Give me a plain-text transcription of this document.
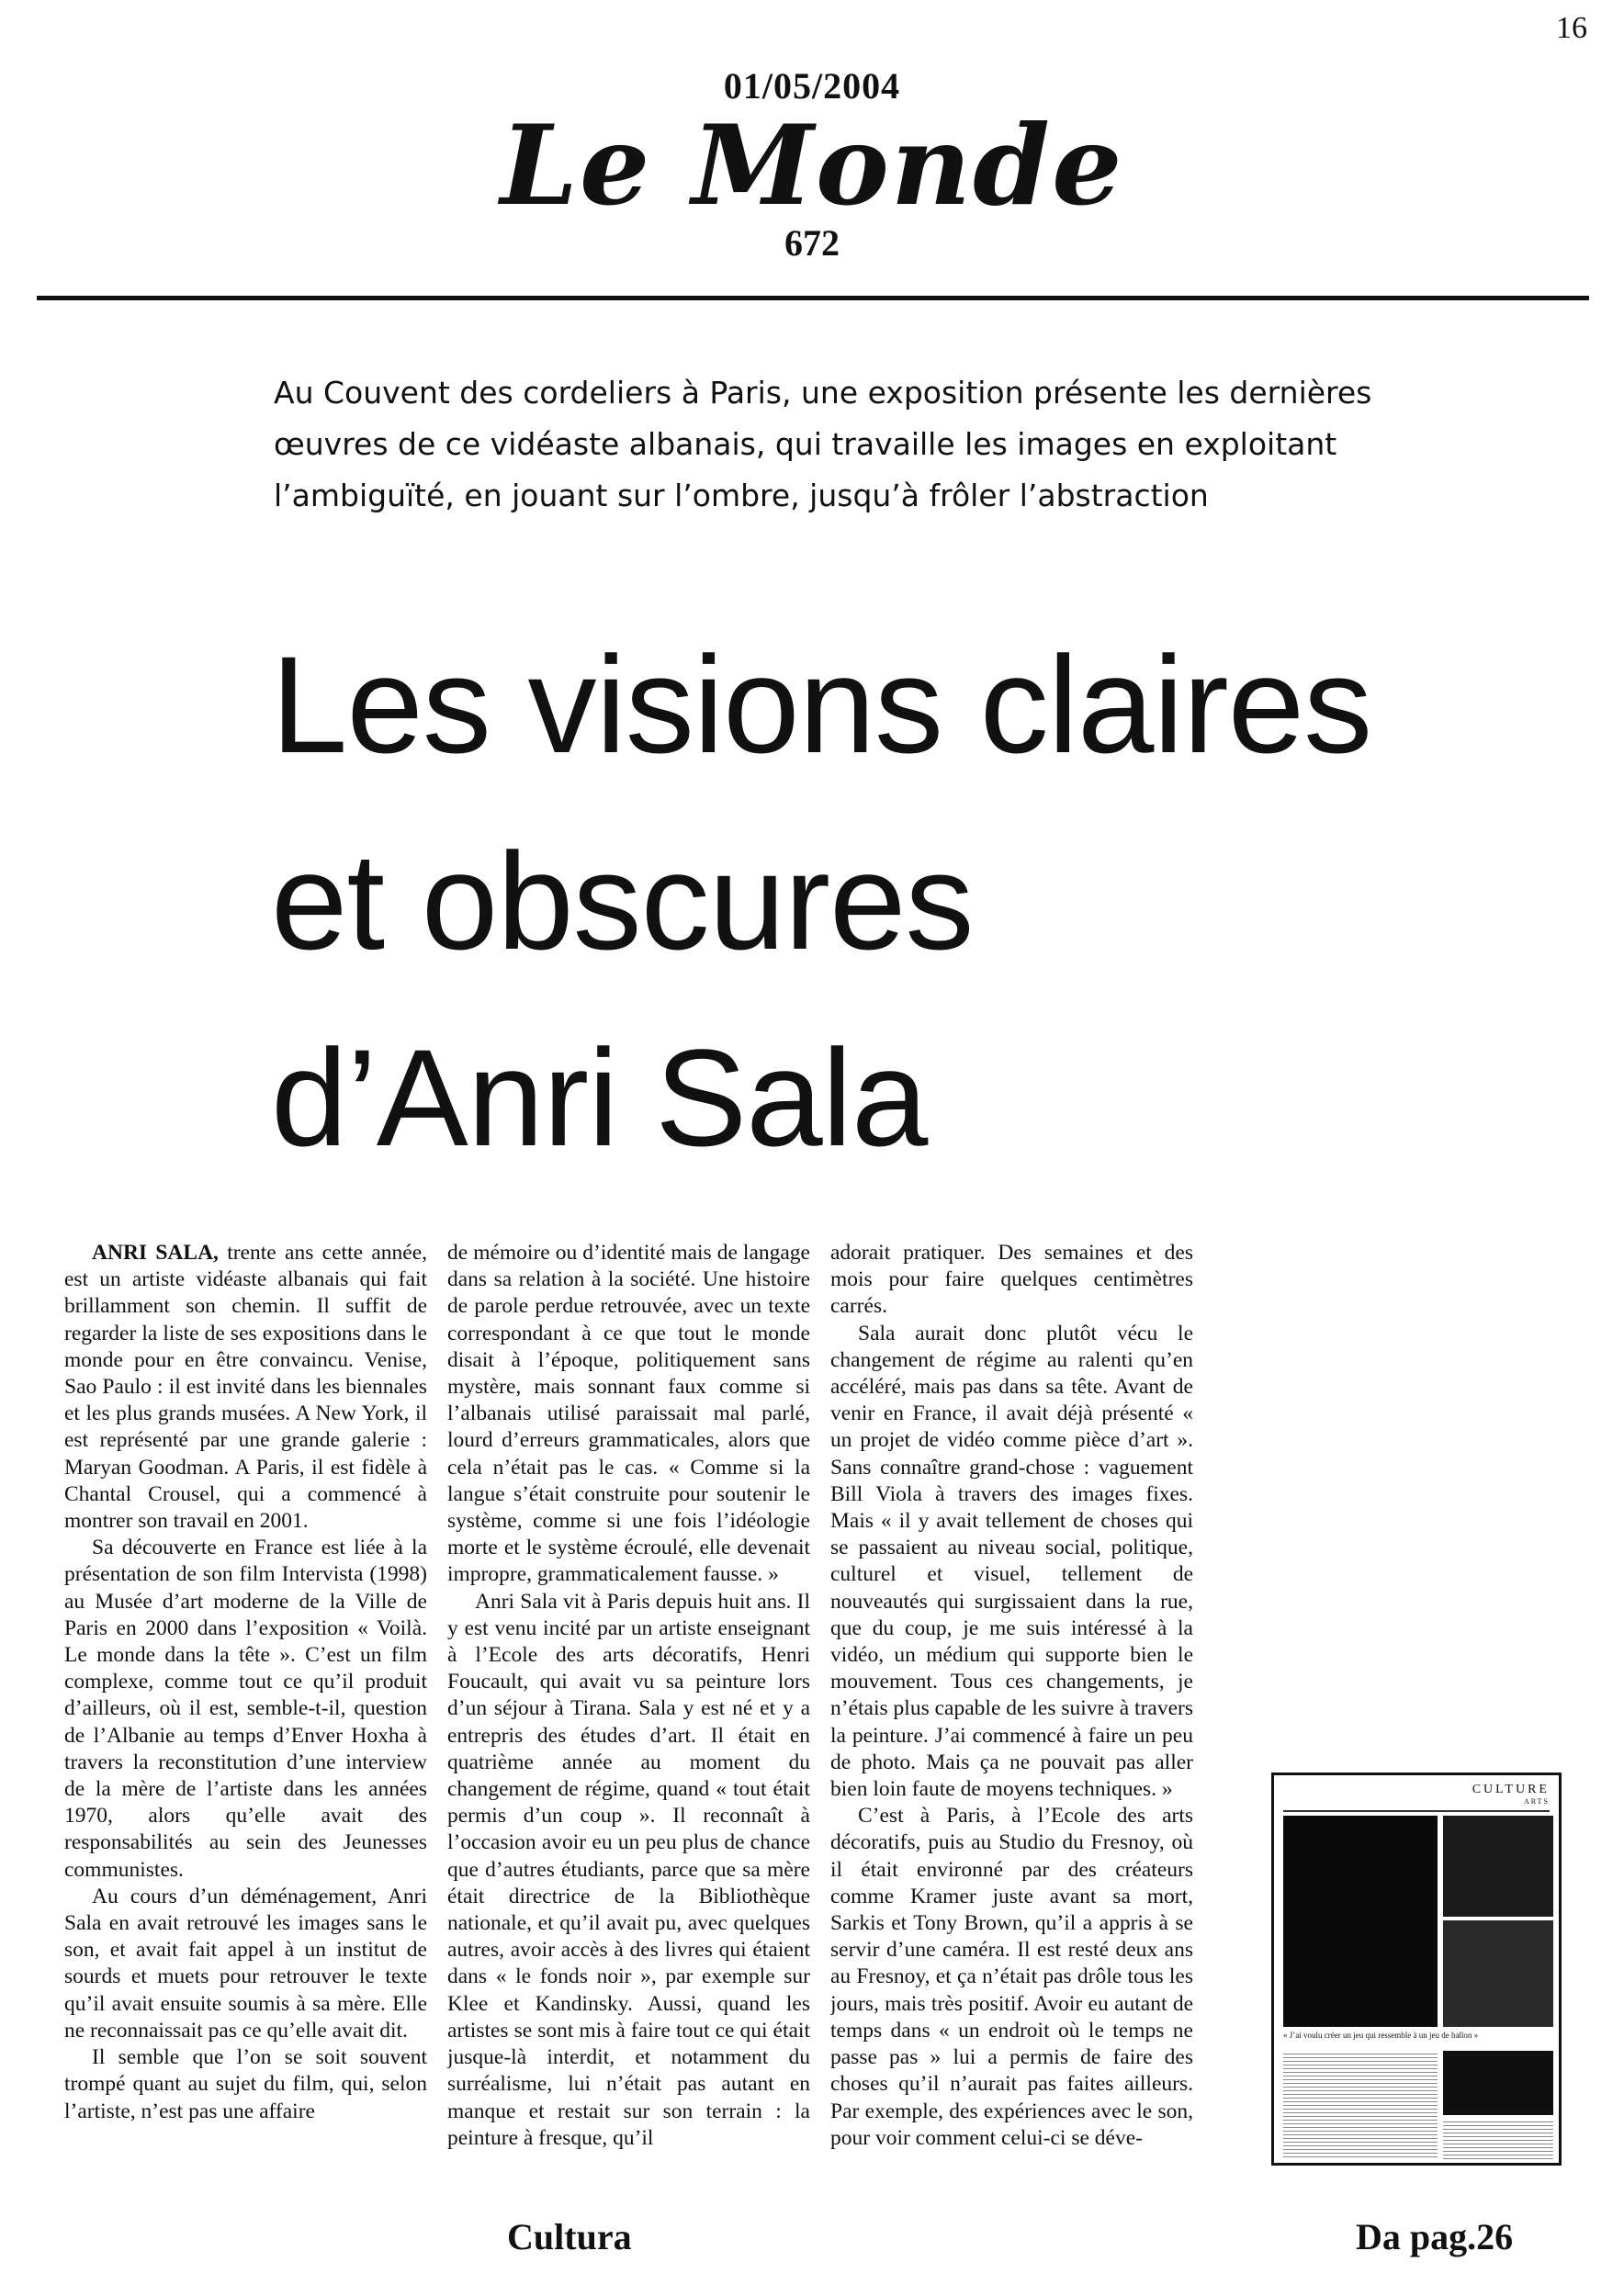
16
01/05/2004
Le Monde
672
Au Couvent des cordeliers à Paris, une exposition présente les dernières
œuvres de ce vidéaste albanais, qui travaille les images en exploitant
l’ambiguïté, en jouant sur l’ombre, jusqu’à frôler l’abstraction
Les visions claires
et obscures
d’Anri Sala

ANRI SALA, trente ans cette année, est un artiste vidéaste albanais qui fait brillamment son chemin. Il suffit de regarder la liste de ses expositions dans le monde pour en être convaincu. Venise, Sao Paulo : il est invité dans les biennales et les plus grands musées. A New York, il est représenté par une grande galerie : Maryan Goodman. A Paris, il est fidèle à Chantal Crousel, qui a commencé à montrer son travail en 2001.

Sa découverte en France est liée à la présentation de son film Intervista (1998) au Musée d’art moderne de la Ville de Paris en 2000 dans l’exposition « Voilà. Le monde dans la tête ». C’est un film complexe, comme tout ce qu’il produit d’ailleurs, où il est, semble-t-il, question de l’Albanie au temps d’Enver Hoxha à travers la reconstitution d’une interview de la mère de l’artiste dans les années 1970, alors qu’elle avait des responsabilités au sein des Jeunesses communistes.

Au cours d’un déménagement, Anri Sala en avait retrouvé les images sans le son, et avait fait appel à un institut de sourds et muets pour retrouver le texte qu’il avait ensuite soumis à sa mère. Elle ne reconnaissait pas ce qu’elle avait dit.

Il semble que l’on se soit souvent trompé quant au sujet du film, qui, selon l’artiste, n’est pas une affaire

de mémoire ou d’identité mais de langage dans sa relation à la société. Une histoire de parole perdue retrouvée, avec un texte correspondant à ce que tout le monde disait à l’époque, politiquement sans mystère, mais sonnant faux comme si l’albanais utilisé paraissait mal parlé, lourd d’erreurs grammaticales, alors que cela n’était pas le cas. « Comme si la langue s’était construite pour soutenir le système, comme si une fois l’idéologie morte et le système écroulé, elle devenait impropre, grammaticalement fausse. »

Anri Sala vit à Paris depuis huit ans. Il y est venu incité par un artiste enseignant à l’Ecole des arts décoratifs, Henri Foucault, qui avait vu sa peinture lors d’un séjour à Tirana. Sala y est né et y a entrepris des études d’art. Il était en quatrième année au moment du changement de régime, quand « tout était permis d’un coup ». Il reconnaît à l’occasion avoir eu un peu plus de chance que d’autres étudiants, parce que sa mère était directrice de la Bibliothèque nationale, et qu’il avait pu, avec quelques autres, avoir accès à des livres qui étaient dans « le fonds noir », par exemple sur Klee et Kandinsky. Aussi, quand les artistes se sont mis à faire tout ce qui était jusque-là interdit, et notamment du surréalisme, lui n’était pas autant en manque et restait sur son terrain : la peinture à fresque, qu’il

adorait pratiquer. Des semaines et des mois pour faire quelques centimètres carrés.

Sala aurait donc plutôt vécu le changement de régime au ralenti qu’en accéléré, mais pas dans sa tête. Avant de venir en France, il avait déjà présenté « un projet de vidéo comme pièce d’art ». Sans connaître grand-chose : vaguement Bill Viola à travers des images fixes. Mais « il y avait tellement de choses qui se passaient au niveau social, politique, culturel et visuel, tellement de nouveautés qui surgissaient dans la rue, que du coup, je me suis intéressé à la vidéo, un médium qui supporte bien le mouvement. Tous ces changements, je n’étais plus capable de les suivre à travers la peinture. J’ai commencé à faire un peu de photo. Mais ça ne pouvait pas aller bien loin faute de moyens techniques. »

C’est à Paris, à l’Ecole des arts décoratifs, puis au Studio du Fresnoy, où il était environné par des créateurs comme Kramer juste avant sa mort, Sarkis et Tony Brown, qu’il a appris à se servir d’une caméra. Il est resté deux ans au Fresnoy, et ça n’était pas drôle tous les jours, mais très positif. Avoir eu autant de temps dans « un endroit où le temps ne passe pas » lui a permis de faire des choses qu’il n’aurait pas faites ailleurs. Par exemple, des expériences avec le son, pour voir comment celui-ci se déve-

CULTURE
ARTS
« J’ai voulu créer un jeu qui ressemble à un jeu de ballon »
Cultura	Da pag.26
